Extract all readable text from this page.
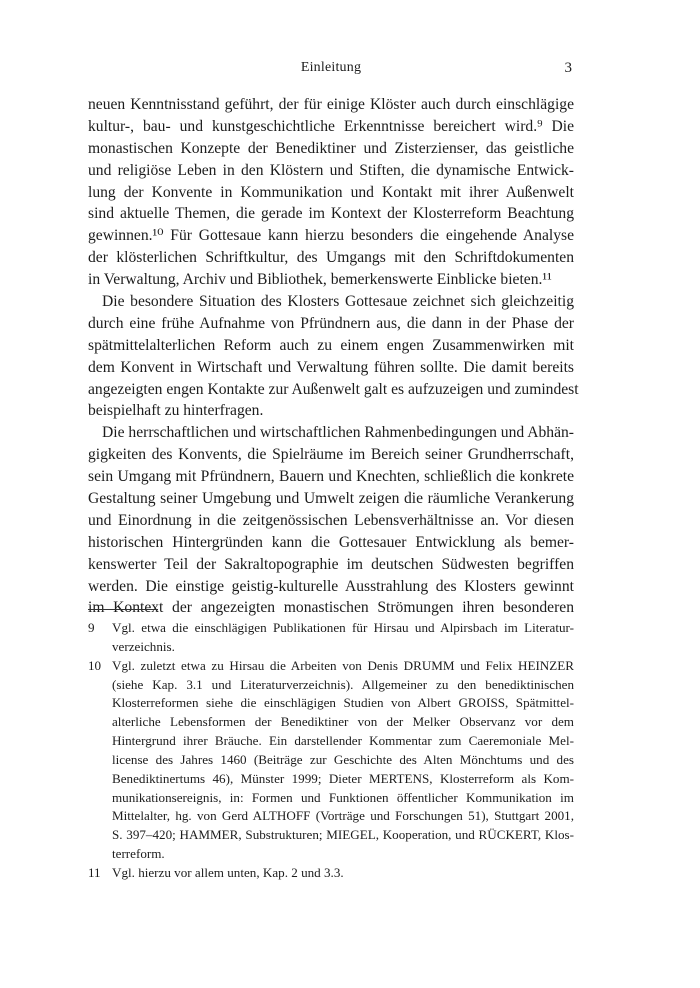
Einleitung	3
neuen Kenntnisstand geführt, der für einige Klöster auch durch einschlägige
kultur-, bau- und kunstgeschichtliche Erkenntnisse bereichert wird.⁹ Die
monastischen Konzepte der Benediktiner und Zisterzienser, das geistliche
und religiöse Leben in den Klöstern und Stiften, die dynamische Entwick-
lung der Konvente in Kommunikation und Kontakt mit ihrer Außenwelt
sind aktuelle Themen, die gerade im Kontext der Klosterreform Beachtung
gewinnen.¹⁰ Für Gottesaue kann hierzu besonders die eingehende Analyse
der klösterlichen Schriftkultur, des Umgangs mit den Schriftdokumenten
in Verwaltung, Archiv und Bibliothek, bemerkenswerte Einblicke bieten.¹¹
Die besondere Situation des Klosters Gottesaue zeichnet sich gleichzeitig
durch eine frühe Aufnahme von Pfründnern aus, die dann in der Phase der
spätmittelalterlichen Reform auch zu einem engen Zusammenwirken mit
dem Konvent in Wirtschaft und Verwaltung führen sollte. Die damit bereits
angezeigten engen Kontakte zur Außenwelt galt es aufzuzeigen und zumindest
beispielhaft zu hinterfragen.
Die herrschaftlichen und wirtschaftlichen Rahmenbedingungen und Abhän-
gigkeiten des Konvents, die Spielräume im Bereich seiner Grundherrschaft,
sein Umgang mit Pfründnern, Bauern und Knechten, schließlich die konkrete
Gestaltung seiner Umgebung und Umwelt zeigen die räumliche Verankerung
und Einordnung in die zeitgenössischen Lebensverhältnisse an. Vor diesen
historischen Hintergründen kann die Gottesauer Entwicklung als bemer-
kenswerter Teil der Sakraltopographie im deutschen Südwesten begriffen
werden. Die einstige geistig-kulturelle Ausstrahlung des Klosters gewinnt
im Kontext der angezeigten monastischen Strömungen ihren besonderen
9	Vgl. etwa die einschlägigen Publikationen für Hirsau und Alpirsbach im Literatur-
verzeichnis.
10 Vgl. zuletzt etwa zu Hirsau die Arbeiten von Denis DRUMM und Felix HEINZER
(siehe Kap. 3.1 und Literaturverzeichnis). Allgemeiner zu den benediktinischen
Klosterreformen siehe die einschlägigen Studien von Albert GROISS, Spätmittel-
alterliche Lebensformen der Benediktiner von der Melker Observanz vor dem
Hintergrund ihrer Bräuche. Ein darstellender Kommentar zum Caeremoniale Mel-
license des Jahres 1460 (Beiträge zur Geschichte des Alten Mönchtums und des
Benediktinertums 46), Münster 1999; Dieter MERTENS, Klosterreform als Kom-
munikationsereignis, in: Formen und Funktionen öffentlicher Kommunikation im
Mittelalter, hg. von Gerd ALTHOFF (Vorträge und Forschungen 51), Stuttgart 2001,
S. 397–420; HAMMER, Substrukturen; MIEGEL, Kooperation, und RÜCKERT, Klos-
terreform.
11 Vgl. hierzu vor allem unten, Kap. 2 und 3.3.
